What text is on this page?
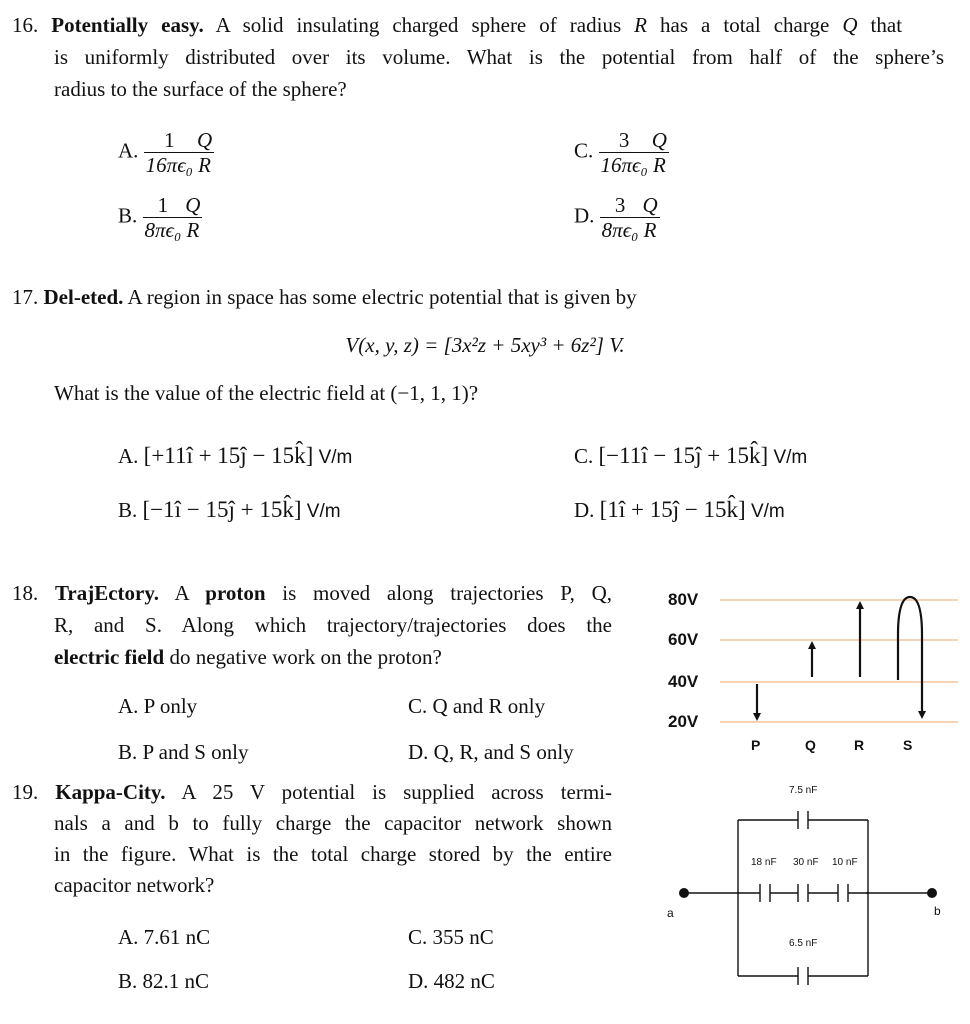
16. Potentially easy. A solid insulating charged sphere of radius R has a total charge Q that
is uniformly distributed over its volume. What is the potential from half of the sphere’s
radius to the surface of the sphere?
A. $\frac{1}{\text{16πϵ₀}} \frac{Q}{R}$
B. $\frac{1}{\text{8πϵ₀}} \frac{Q}{R}$
C. $\frac{3}{\text{16πϵ₀}} \frac{Q}{R}$
D. $\frac{3}{\text{8πϵ₀}} \frac{Q}{R}$
17. Del-eted. A region in space has some electric potential that is given by
V(x, y, z) = [3x²z + 5xy³ + 6z²] V.
What is the value of the electric field at (−1, 1, 1)?
A. [+11î + 15ĵ − 15k̂] V/m
B. [−1î − 15ĵ + 15k̂] V/m
C. [−11î − 15ĵ + 15k̂] V/m
D. [1î + 15ĵ − 15k̂] V/m
18. TrajEctory. A proton is moved along trajectories P, Q,
R, and S. Along which trajectory/trajectories does the
electric field do negative work on the proton?
A. P only
B. P and S only
C. Q and R only
D. Q, R, and S only
80V
60V
40V
20V
P	Q	R	S
19. Kappa-City. A 25 V potential is supplied across termi-
nals a and b to fully charge the capacitor network shown
in the figure. What is the total charge stored by the entire
capacitor network?
A. 7.61 nC
B. 82.1 nC
C. 355 nC
D. 482 nC
7.5 nF
18 nF 30 nF 10 nF
6.5 nF
a	b
